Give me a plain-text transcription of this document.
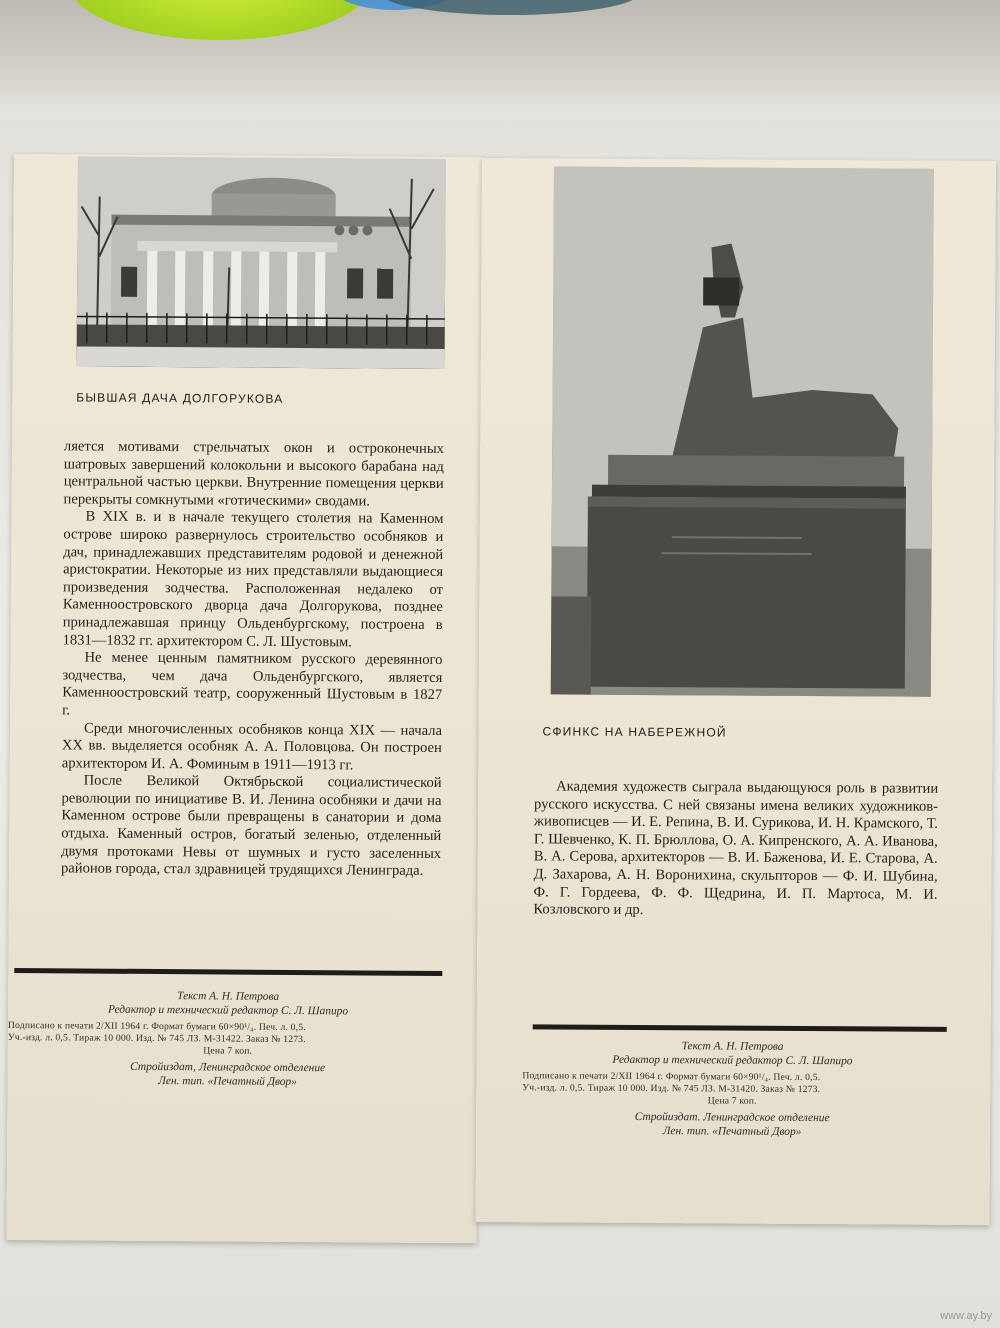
БЫВШАЯ ДАЧА ДОЛГОРУКОВА

ляется мотивами стрельчатых окон и остроконечных шатровых завершений колокольни и высокого барабана над центральной частью церкви. Внутренние помещения церкви перекрыты сомкнутыми «готическими» сводами.

В XIX в. и в начале текущего столетия на Каменном острове широко развернулось строительство особняков и дач, принадлежавших представителям родовой и денежной аристократии. Некоторые из них представляли выдающиеся произведения зодчества. Расположенная недалеко от Каменноостровского дворца дача Долгорукова, позднее принадлежавшая принцу Ольденбургскому, построена в 1831—1832 гг. архитектором С. Л. Шустовым.

Не менее ценным памятником русского деревянного зодчества, чем дача Ольденбургского, является Каменноостровский театр, сооруженный Шустовым в 1827 г.

Среди многочисленных особняков конца XIX — начала XX вв. выделяется особняк А. А. Половцова. Он построен архитектором И. А. Фоминым в 1911—1913 гг.

После Великой Октябрьской социалистической революции по инициативе В. И. Ленина особняки и дачи на Каменном острове были превращены в санатории и дома отдыха. Каменный остров, богатый зеленью, отделенный двумя протоками Невы от шумных и густо заселенных районов города, стал здравницей трудящихся Ленинграда.

Текст А. Н. Петрова
Редактор и технический редактор С. Л. Шапиро
Подписано к печати 2/XII 1964 г. Формат бумаги 60×90¹/₄. Печ. л. 0,5.
Уч.-изд. л. 0,5. Тираж 10 000. Изд. № 745 ЛЗ. М-31422. Заказ № 1273.
Цена 7 коп.
Стройиздат, Ленинградское отделение
Лен. тип. «Печатный Двор»
СФИНКС НА НАБЕРЕЖНОЙ

Академия художеств сыграла выдающуюся роль в развитии русского искусства. С ней связаны имена великих художников-живописцев — И. Е. Репина, В. И. Сурикова, И. Н. Крамского, Т. Г. Шевченко, К. П. Брюллова, О. А. Кипренского, А. А. Иванова, В. А. Серова, архитекторов — В. И. Баженова, И. Е. Старова, А. Д. Захарова, А. Н. Воронихина, скульпторов — Ф. И. Шубина, Ф. Г. Гордеева, Ф. Ф. Щедрина, И. П. Мартоса, М. И. Козловского и др.

Текст А. Н. Петрова
Редактор и технический редактор С. Л. Шапиро
Подписано к печати 2/XII 1964 г. Формат бумаги 60×90¹/₄. Печ. л. 0,5.
Уч.-изд. л. 0,5. Тираж 10 000. Изд. № 745 ЛЗ. М-31420. Заказ № 1273.
Цена 7 коп.
Стройиздат. Ленинградское отделение
Лен. тип. «Печатный Двор»
www.ay.by
